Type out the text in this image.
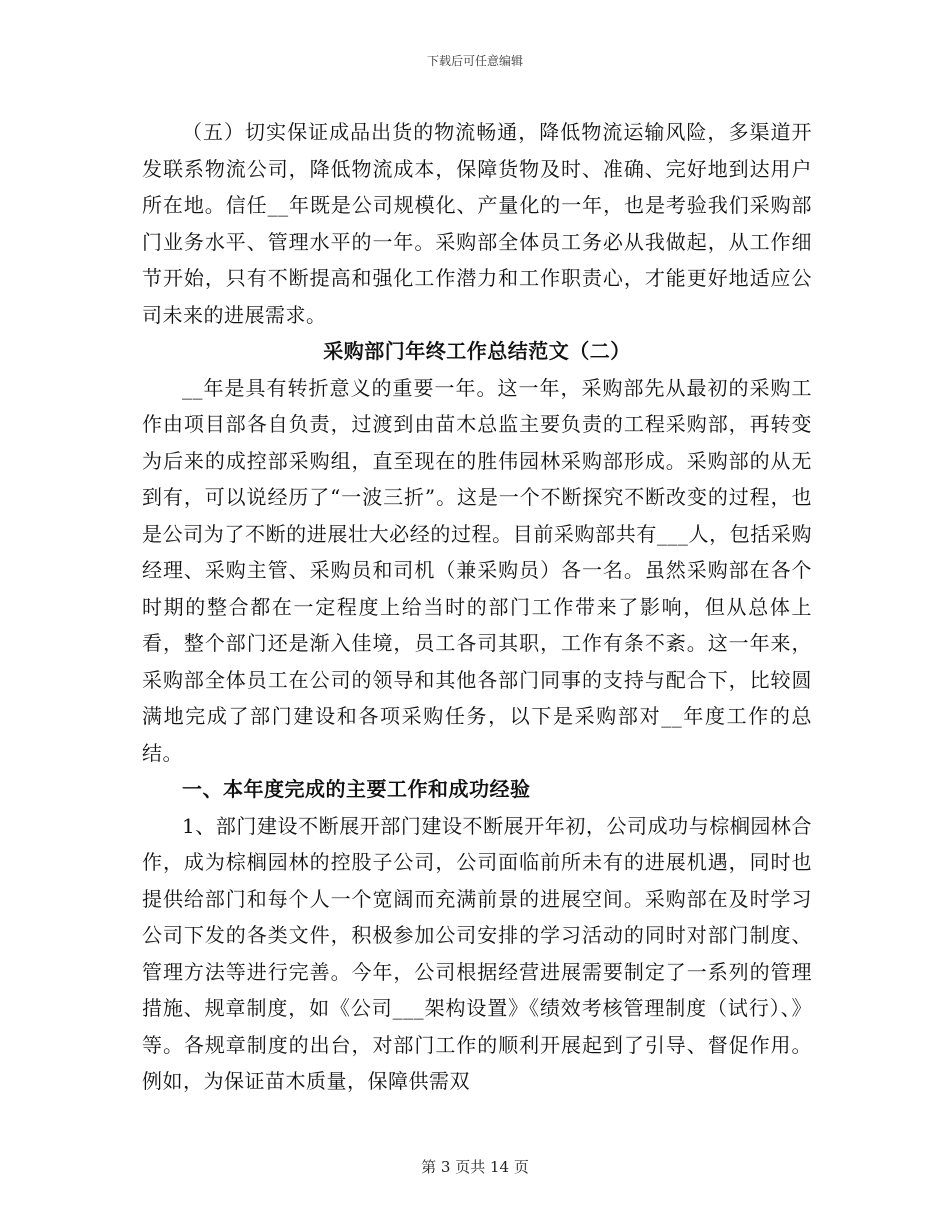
下载后可任意编辑

（五）切实保证成品出货的物流畅通，降低物流运输风险，多渠道开发联系物流公司，降低物流成本，保障货物及时、准确、完好地到达用户所在地。信任__年既是公司规模化、产量化的一年，也是考验我们采购部门业务水平、管理水平的一年。采购部全体员工务必从我做起，从工作细节开始，只有不断提高和强化工作潜力和工作职责心，才能更好地适应公司未来的进展需求。

采购部门年终工作总结范文（二）

__年是具有转折意义的重要一年。这一年，采购部先从最初的采购工作由项目部各自负责，过渡到由苗木总监主要负责的工程采购部，再转变为后来的成控部采购组，直至现在的胜伟园林采购部形成。采购部的从无到有，可以说经历了“一波三折”。这是一个不断探究不断改变的过程，也是公司为了不断的进展壮大必经的过程。目前采购部共有___人，包括采购经理、采购主管、采购员和司机（兼采购员）各一名。虽然采购部在各个时期的整合都在一定程度上给当时的部门工作带来了影响，但从总体上看，整个部门还是渐入佳境，员工各司其职，工作有条不紊。这一年来，采购部全体员工在公司的领导和其他各部门同事的支持与配合下，比较圆满地完成了部门建设和各项采购任务，以下是采购部对__年度工作的总结。

一、本年度完成的主要工作和成功经验

1、部门建设不断展开部门建设不断展开年初，公司成功与棕榈园林合作，成为棕榈园林的控股子公司，公司面临前所未有的进展机遇，同时也提供给部门和每个人一个宽阔而充满前景的进展空间。采购部在及时学习公司下发的各类文件，积极参加公司安排的学习活动的同时对部门制度、管理方法等进行完善。今年，公司根据经营进展需要制定了一系列的管理措施、规章制度，如《公司___架构设置》《绩效考核管理制度（试行）、》等。各规章制度的出台，对部门工作的顺利开展起到了引导、督促作用。例如，为保证苗木质量，保障供需双

第 3 页共 14 页
